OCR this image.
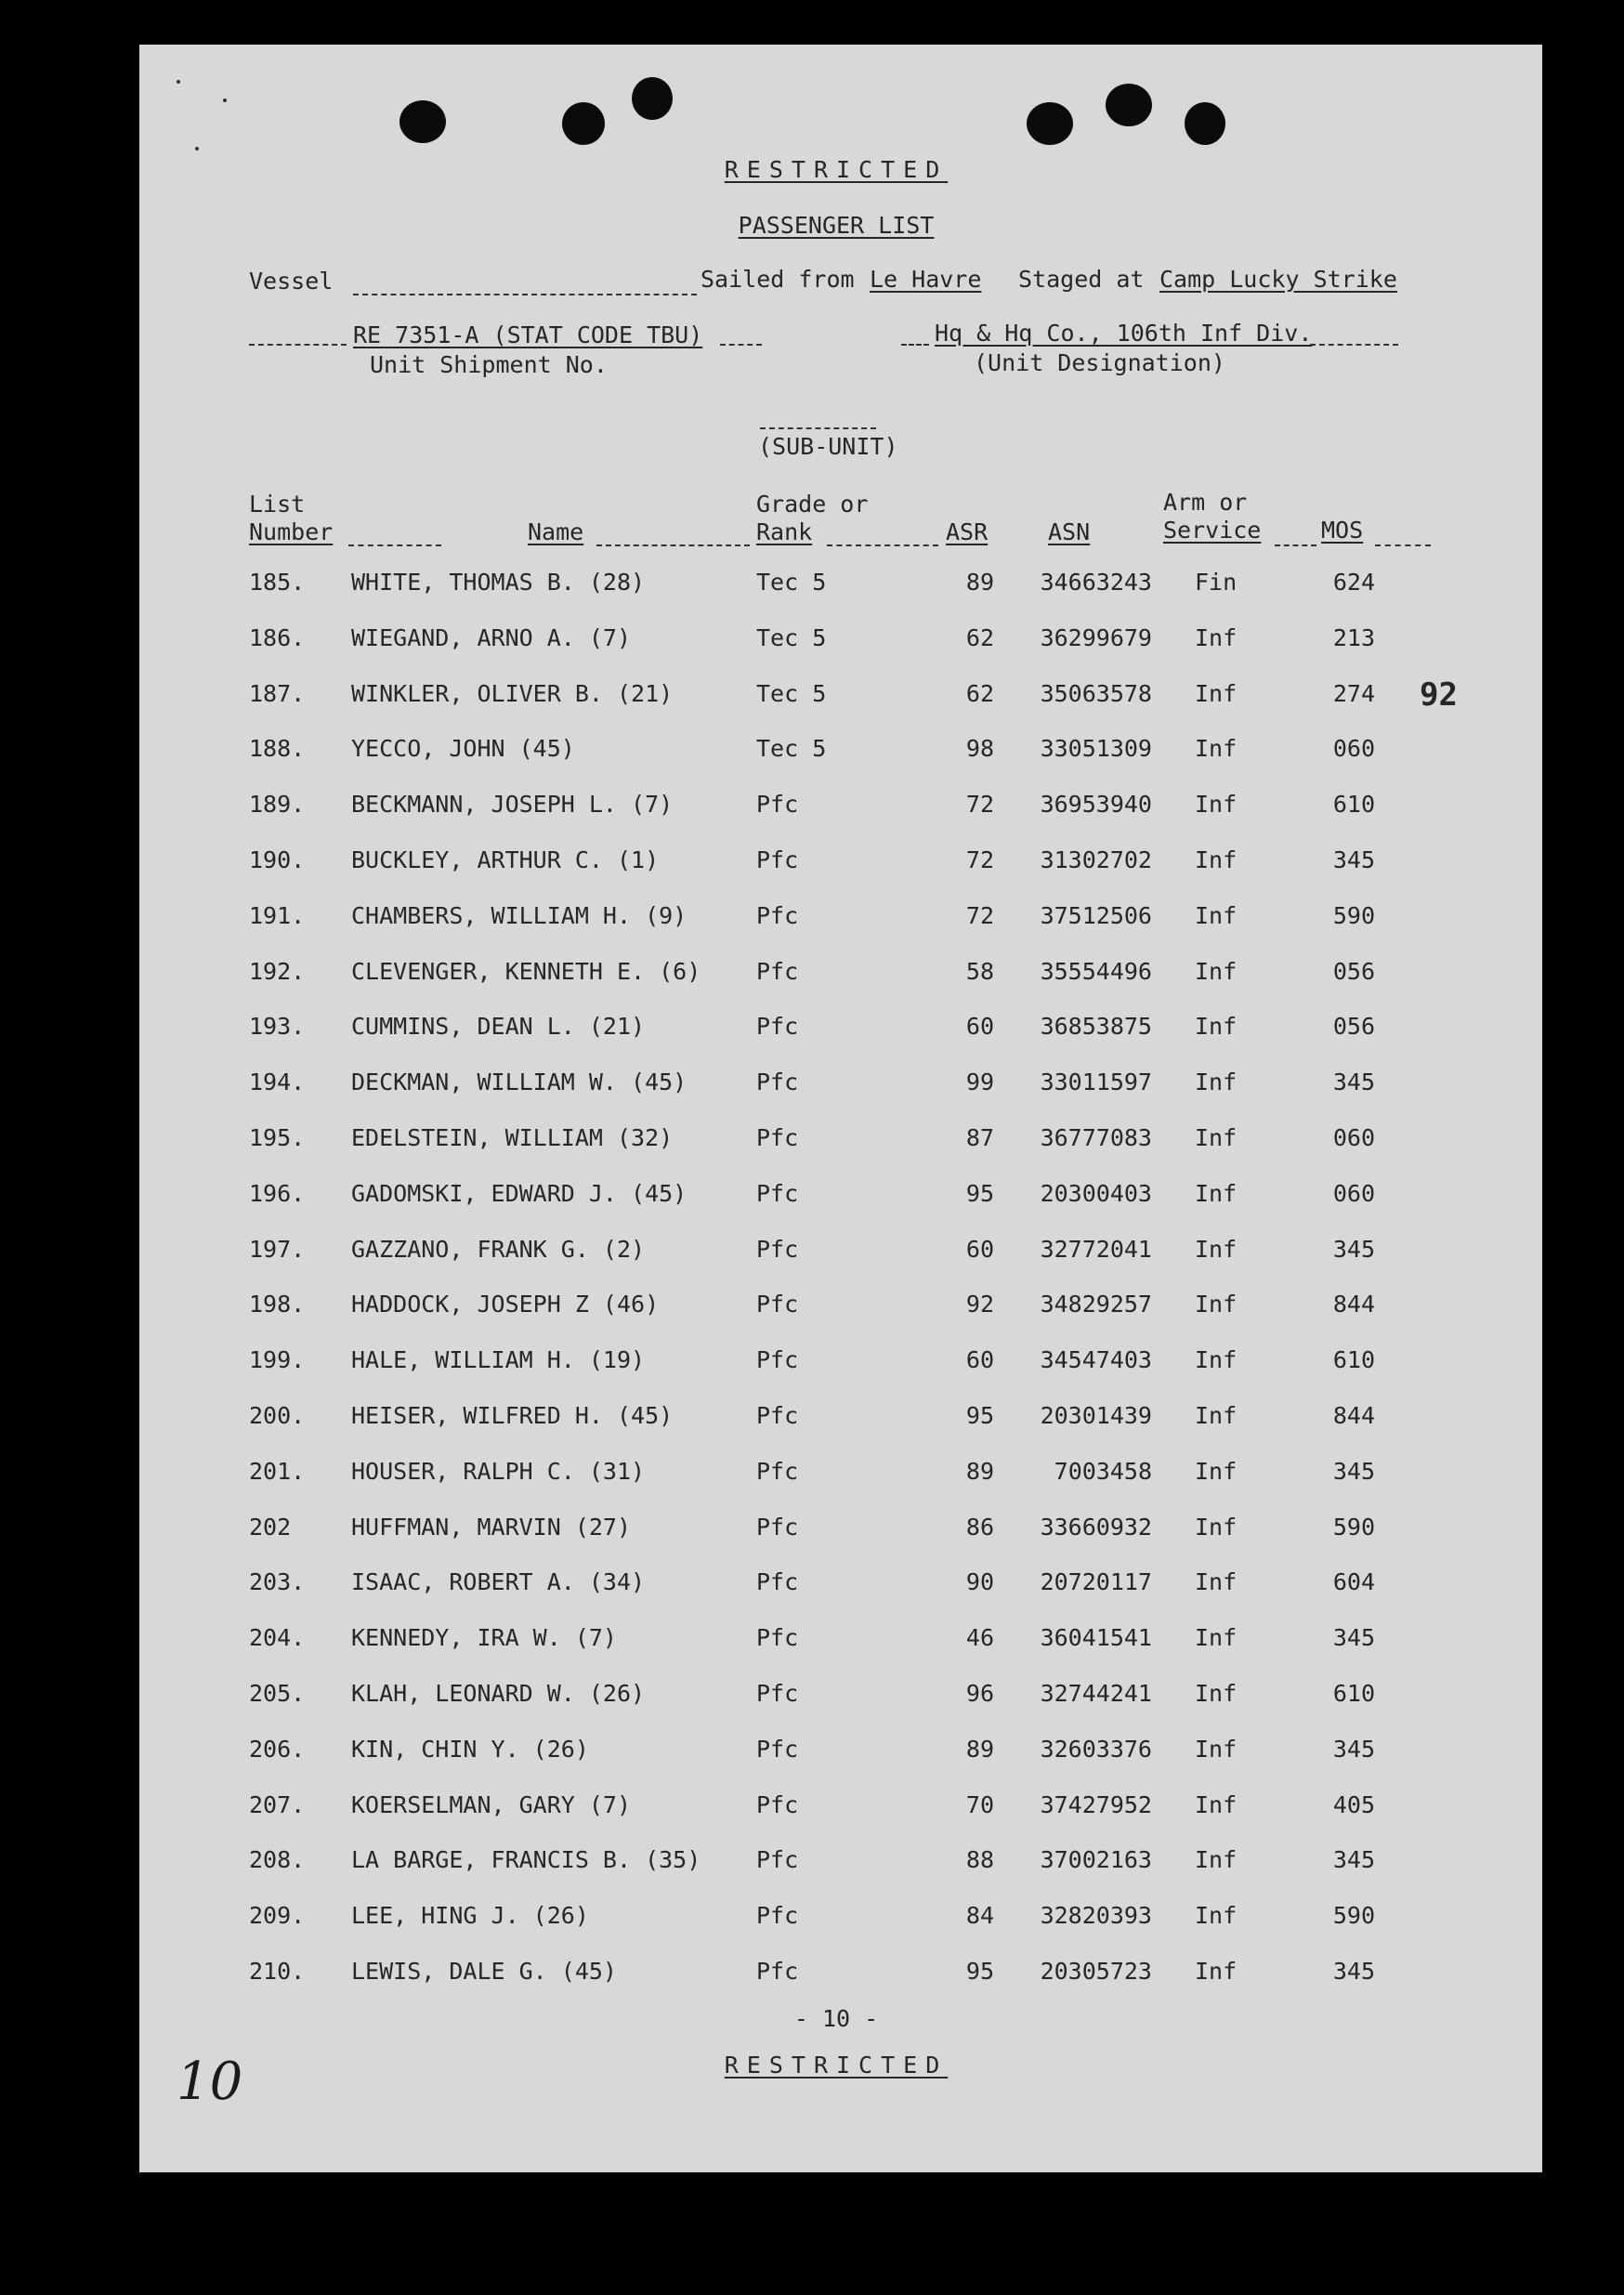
RESTRICTED
PASSENGER LIST
Vessel	Sailed from Le Havre Staged at Camp Lucky Strike
RE 7351-A (STAT CODE TBU)
Unit Shipment No.
Hq & Hq Co., 106th Inf Div.
(Unit Designation)
(SUB-UNIT)
List
Number	Name
Grade or
Rank	ASR	ASN
Arm or
Service	MOS
185. WHITE, THOMAS B. (28)	Tec 5	89	34663243 Fin	624
186. WIEGAND, ARNO A. (7)	Tec 5	62	36299679 Inf	213
187. WINKLER, OLIVER B. (21)	Tec 5	62	35063578 Inf	274
188. YECCO, JOHN (45)	Tec 5	98	33051309 Inf	060
189. BECKMANN, JOSEPH L. (7)	Pfc	72	36953940 Inf	610
190. BUCKLEY, ARTHUR C. (1)	Pfc	72	31302702 Inf	345
191. CHAMBERS, WILLIAM H. (9)	Pfc	72	37512506 Inf	590
192. CLEVENGER, KENNETH E. (6) Pfc	58	35554496 Inf	056
193. CUMMINS, DEAN L. (21)	Pfc	60	36853875 Inf	056
194. DECKMAN, WILLIAM W. (45)	Pfc	99	33011597 Inf	345
195. EDELSTEIN, WILLIAM (32)	Pfc	87	36777083 Inf	060
196. GADOMSKI, EDWARD J. (45)	Pfc	95	20300403 Inf	060
197. GAZZANO, FRANK G. (2)	Pfc	60	32772041 Inf	345
198. HADDOCK, JOSEPH Z (46)	Pfc	92	34829257 Inf	844
199. HALE, WILLIAM H. (19)	Pfc	60	34547403 Inf	610
200. HEISER, WILFRED H. (45)	Pfc	95	20301439 Inf	844
201. HOUSER, RALPH C. (31)	Pfc	89	7003458 Inf	345
202	HUFFMAN, MARVIN (27)	Pfc	86	33660932 Inf	590
203. ISAAC, ROBERT A. (34)	Pfc	90	20720117 Inf	604
204. KENNEDY, IRA W. (7)	Pfc	46	36041541 Inf	345
205. KLAH, LEONARD W. (26)	Pfc	96	32744241 Inf	610
206. KIN, CHIN Y. (26)	Pfc	89	32603376 Inf	345
207. KOERSELMAN, GARY (7)	Pfc	70	37427952 Inf	405
208. LA BARGE, FRANCIS B. (35) Pfc	88	37002163 Inf	345
209. LEE, HING J. (26)	Pfc	84	32820393 Inf	590
210. LEWIS, DALE G. (45)	Pfc	95	20305723 Inf	345
92
- 10 -
RESTRICTED
10
